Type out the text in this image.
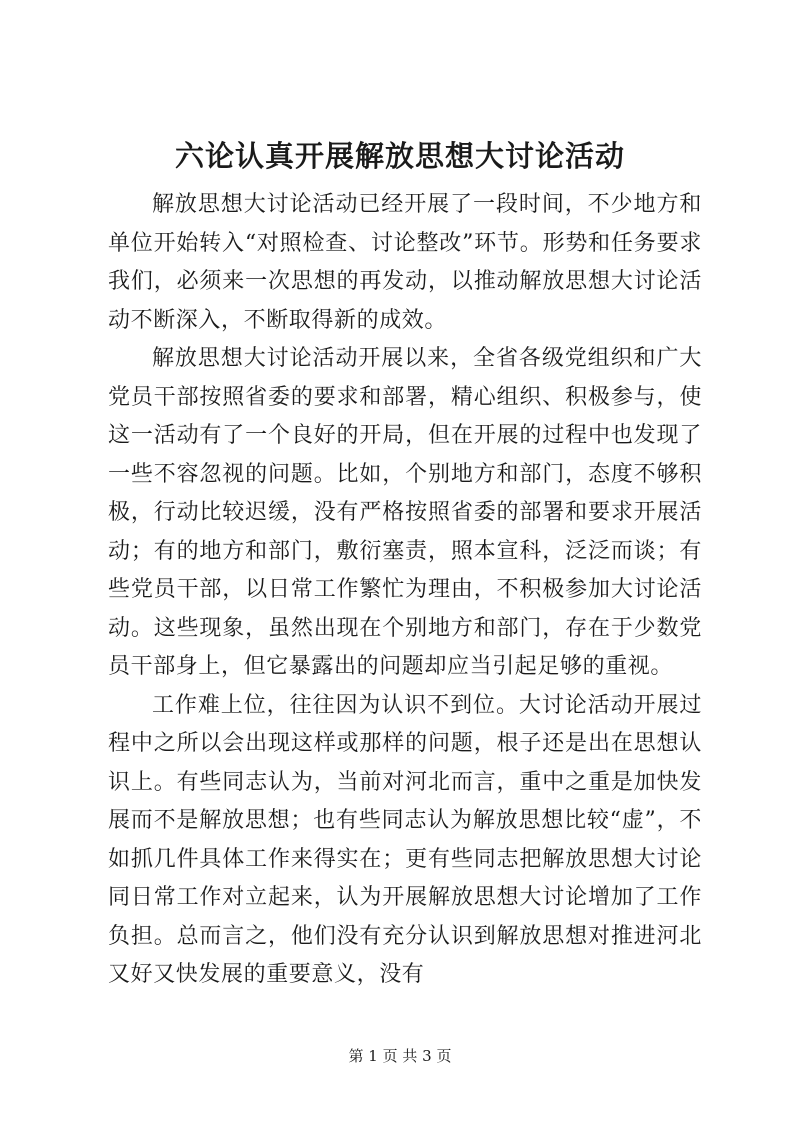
六论认真开展解放思想大讨论活动

解放思想大讨论活动已经开展了一段时间，不少地方和单位开始转入“对照检查、讨论整改”环节。形势和任务要求我们，必须来一次思想的再发动，以推动解放思想大讨论活动不断深入，不断取得新的成效。

解放思想大讨论活动开展以来，全省各级党组织和广大党员干部按照省委的要求和部署，精心组织、积极参与，使这一活动有了一个良好的开局，但在开展的过程中也发现了一些不容忽视的问题。比如，个别地方和部门，态度不够积极，行动比较迟缓，没有严格按照省委的部署和要求开展活动；有的地方和部门，敷衍塞责，照本宣科，泛泛而谈；有些党员干部，以日常工作繁忙为理由，不积极参加大讨论活动。这些现象，虽然出现在个别地方和部门，存在于少数党员干部身上，但它暴露出的问题却应当引起足够的重视。

工作难上位，往往因为认识不到位。大讨论活动开展过程中之所以会出现这样或那样的问题，根子还是出在思想认识上。有些同志认为，当前对河北而言，重中之重是加快发展而不是解放思想；也有些同志认为解放思想比较“虚”，不如抓几件具体工作来得实在；更有些同志把解放思想大讨论同日常工作对立起来，认为开展解放思想大讨论增加了工作负担。总而言之，他们没有充分认识到解放思想对推进河北又好又快发展的重要意义，没有

第 1 页 共 3 页
